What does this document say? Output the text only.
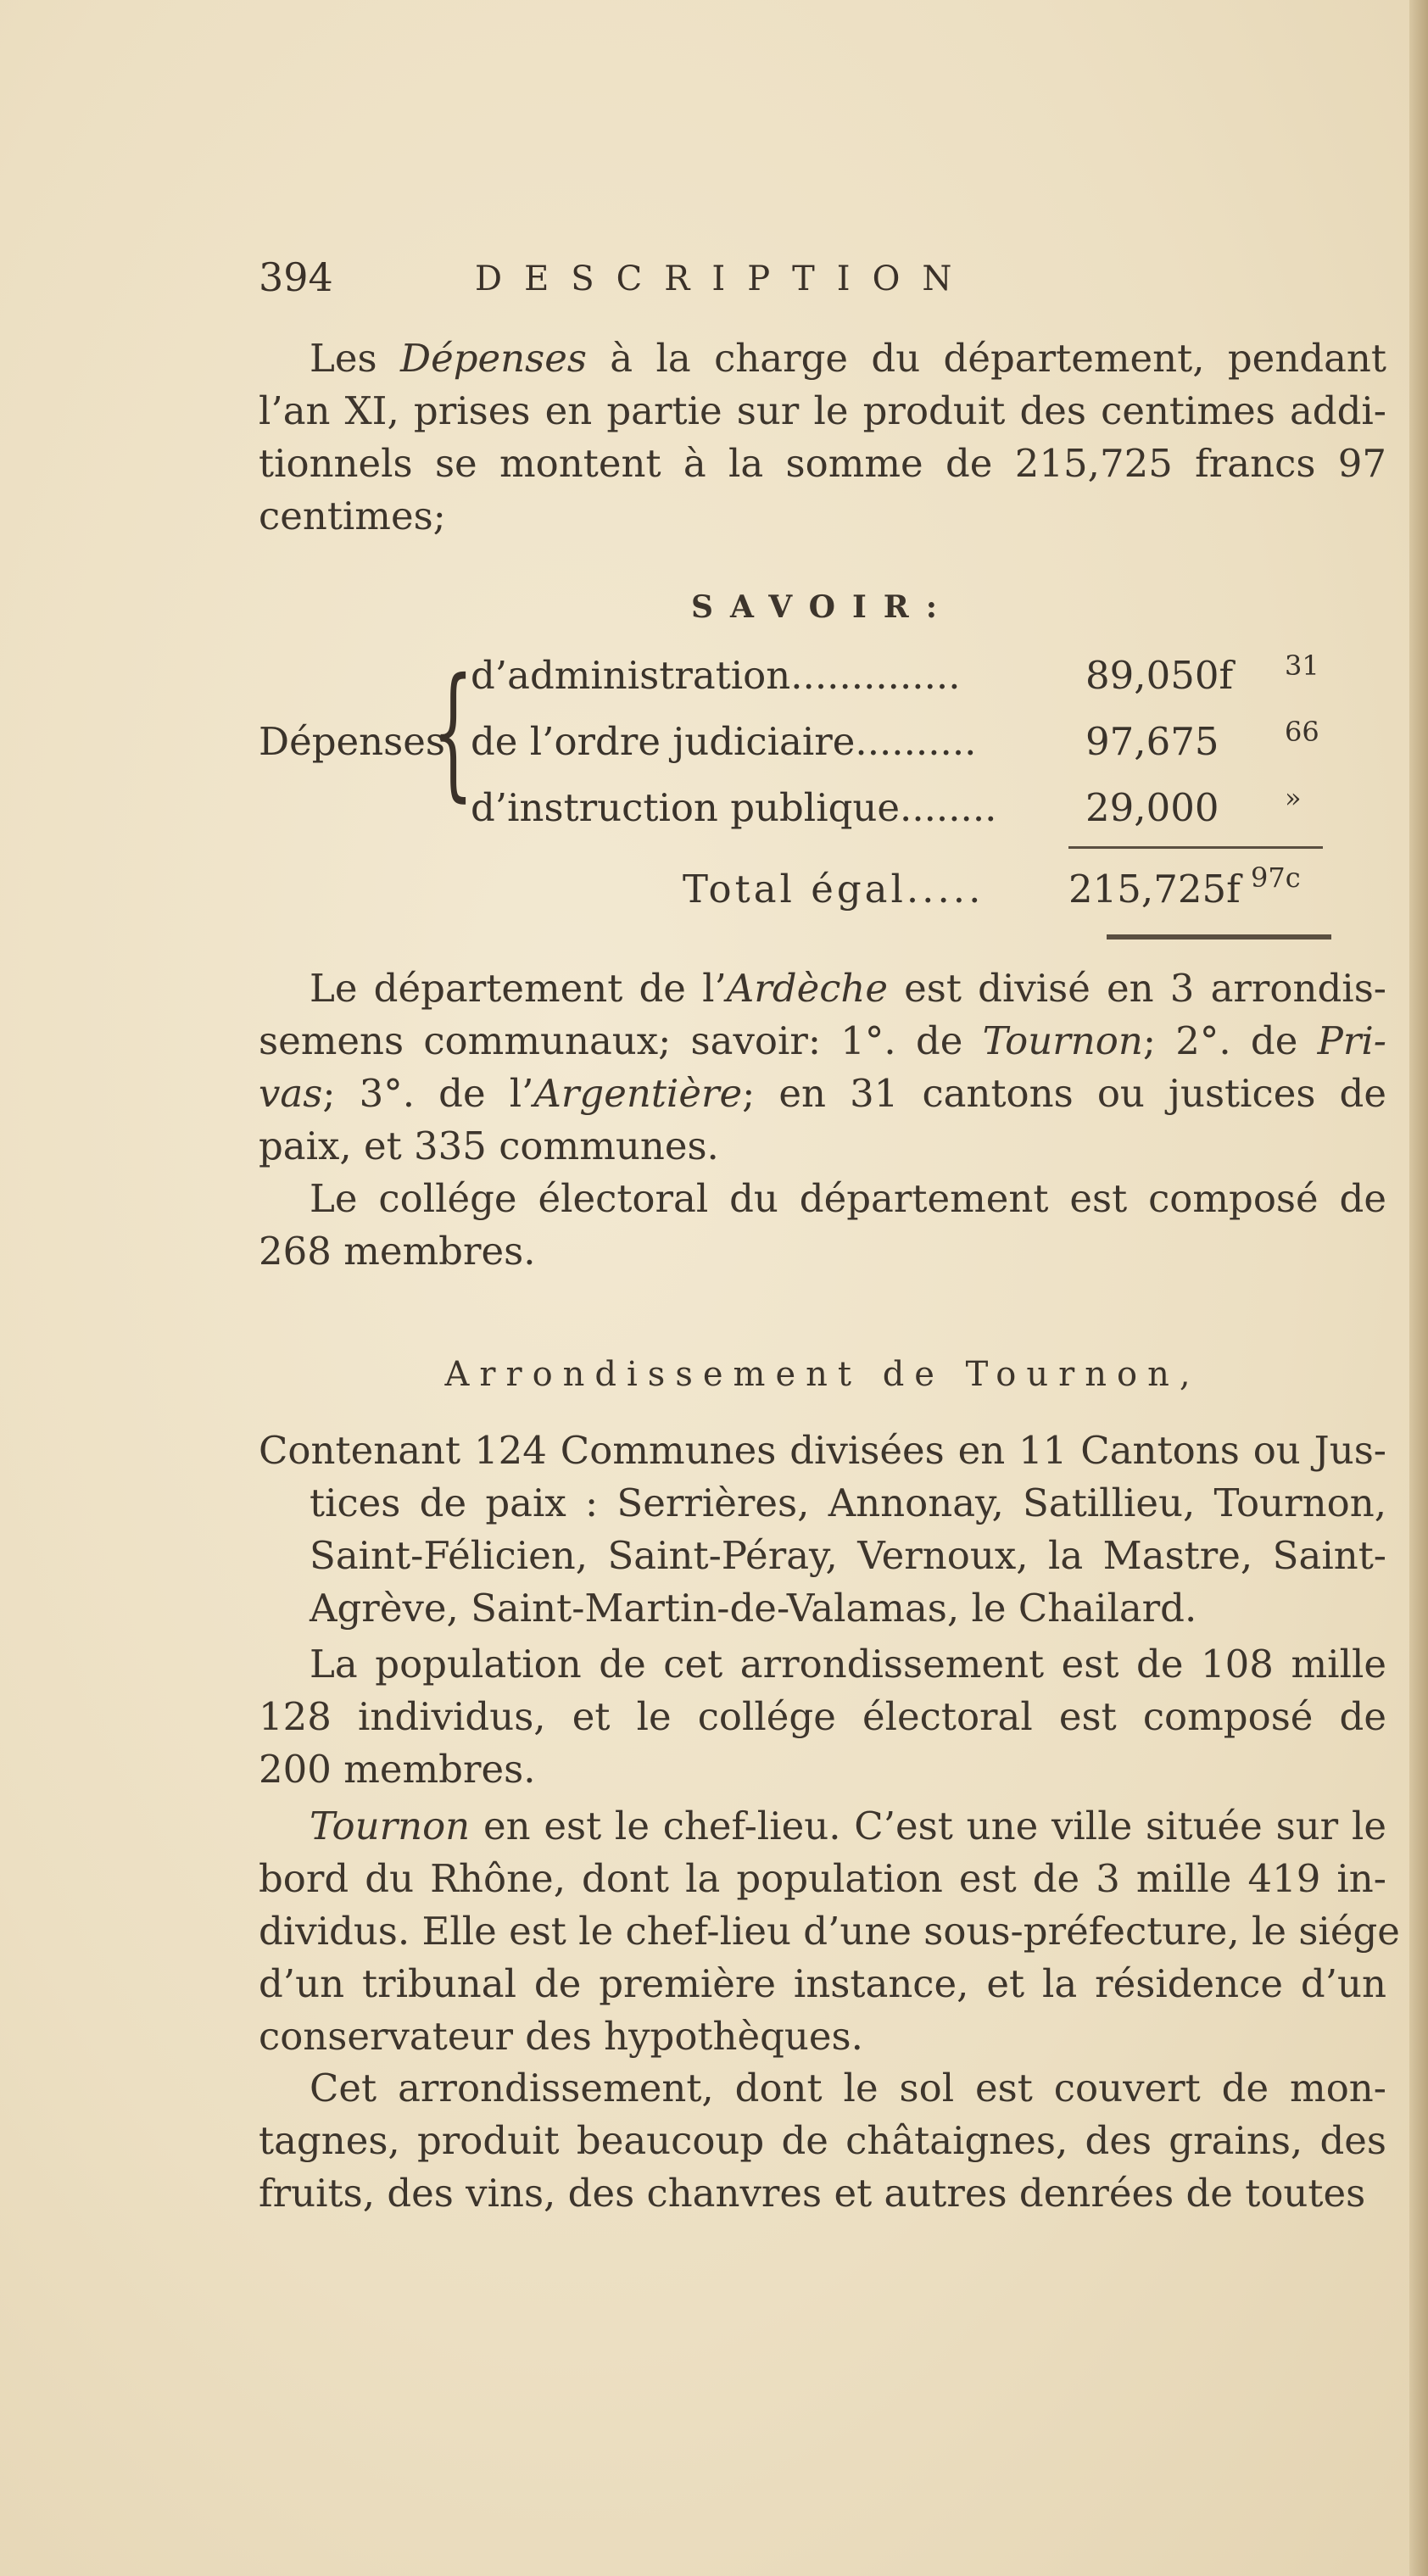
394	DESCRIPTION
Les Dépenses à la charge du département, pendant
l’an XI, prises en partie sur le produit des centimes addi-
tionnels se montent à la somme de 215,725 francs 97
centimes;
SAVOIR:
Dépenses
{
d’administration..............	89,050f 31
de l’ordre judiciaire..........	97,675 66
d’instruction publique........ 29,000 »
Total égal..... 215,725f 97c
Le département de l’Ardèche est divisé en 3 arrondis-
semens communaux; savoir: 1°. de Tournon; 2°. de Pri-
vas; 3°. de l’Argentière; en 31 cantons ou justices de
paix, et 335 communes.
Le collége électoral du département est composé de
268 membres.
Arrondissement de Tournon,
Contenant 124 Communes divisées en 11 Cantons ou Jus-
tices de paix : Serrières, Annonay, Satillieu, Tournon,
Saint-Félicien, Saint-Péray, Vernoux, la Mastre, Saint-
Agrève, Saint-Martin-de-Valamas, le Chailard.
La population de cet arrondissement est de 108 mille
128 individus, et le collége électoral est composé de
200 membres.
Tournon en est le chef-lieu. C’est une ville située sur le
bord du Rhône, dont la population est de 3 mille 419 in-
dividus. Elle est le chef-lieu d’une sous-préfecture, le siége
d’un tribunal de première instance, et la résidence d’un
conservateur des hypothèques.
Cet arrondissement, dont le sol est couvert de mon-
tagnes, produit beaucoup de châtaignes, des grains, des
fruits, des vins, des chanvres et autres denrées de toutes
